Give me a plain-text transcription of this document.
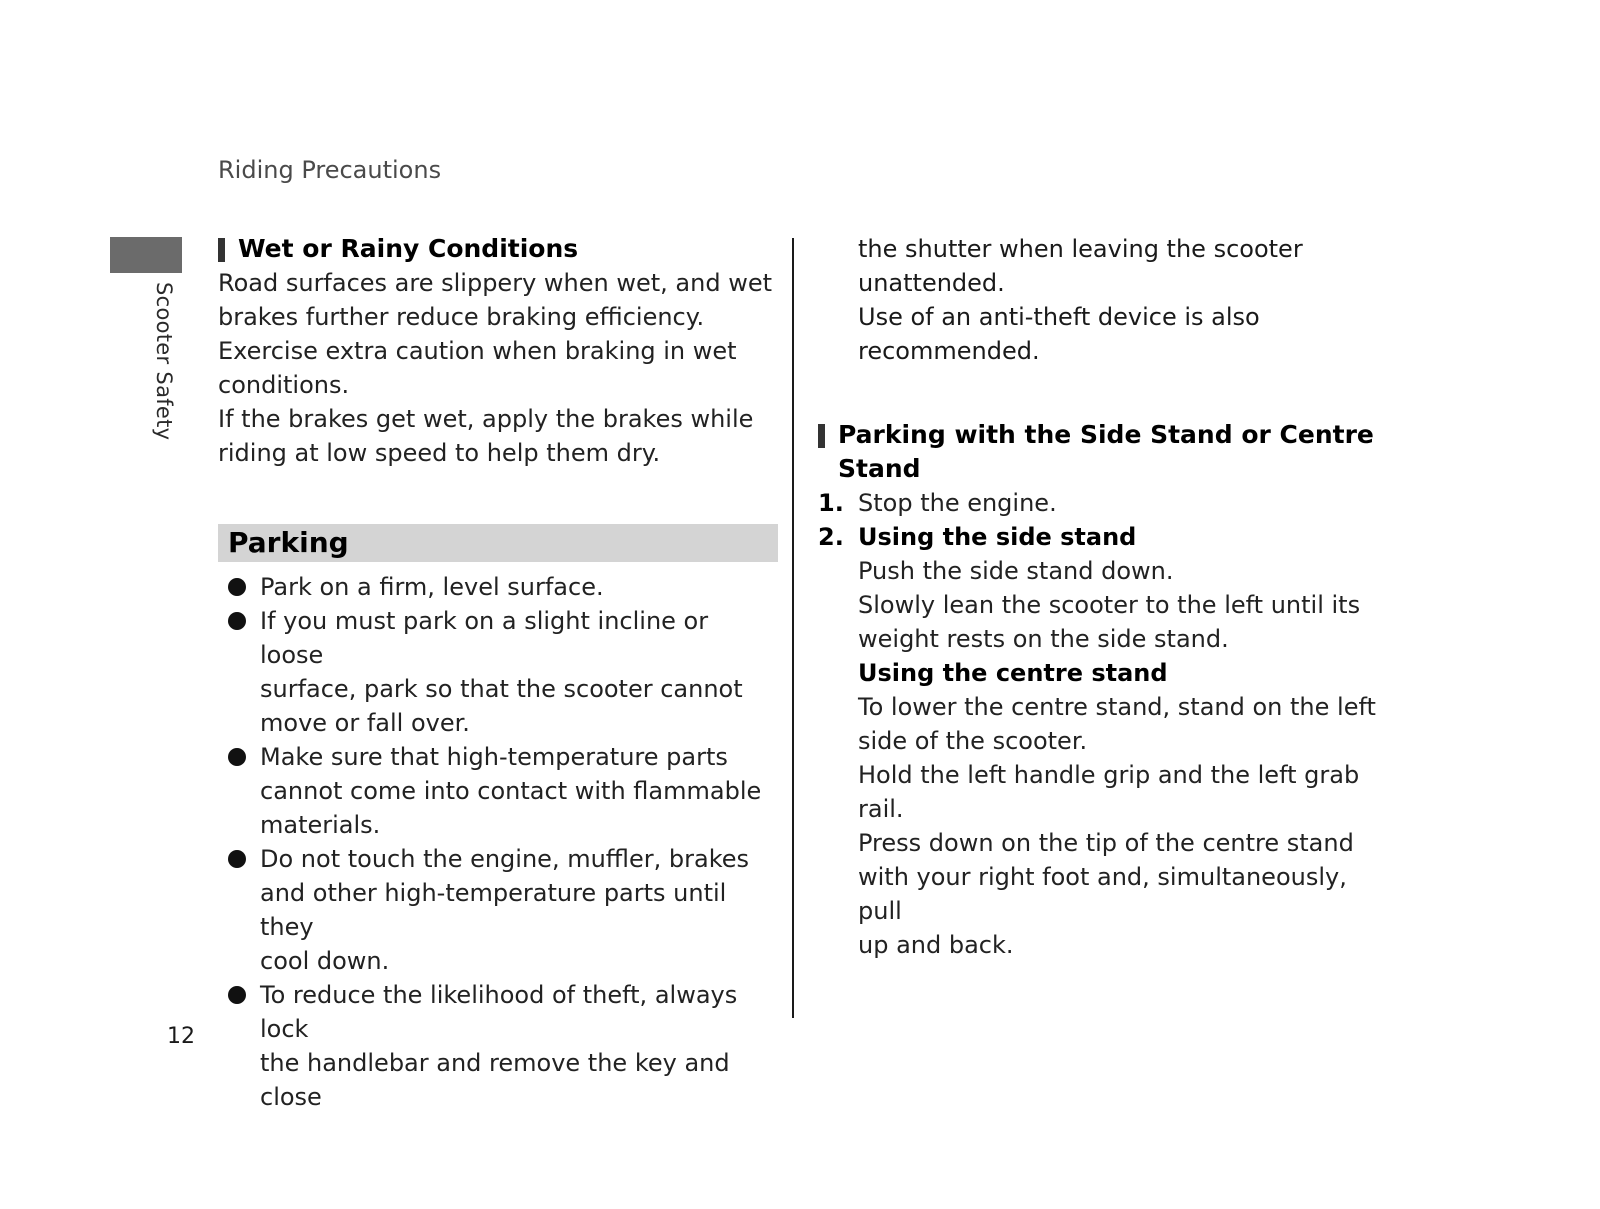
Riding Precautions
Scooter Safety
12
Wet or Rainy Conditions

Road surfaces are slippery when wet, and wet

brakes further reduce braking efficiency.

Exercise extra caution when braking in wet

conditions.

If the brakes get wet, apply the brakes while

riding at low speed to help them dry.

Parking
Park on a firm, level surface.
If you must park on a slight incline or loose
surface, park so that the scooter cannot
move or fall over.
Make sure that high-temperature parts
cannot come into contact with flammable
materials.
Do not touch the engine, muffler, brakes
and other high-temperature parts until they
cool down.
To reduce the likelihood of theft, always lock
the handlebar and remove the key and close
the shutter when leaving the scooter
unattended.
Use of an anti-theft device is also
recommended.
Parking with the Side Stand or Centre
Stand
1. Stop the engine.
2. Using the side stand
Push the side stand down.
Slowly lean the scooter to the left until its
weight rests on the side stand.
Using the centre stand
To lower the centre stand, stand on the left
side of the scooter.
Hold the left handle grip and the left grab
rail.
Press down on the tip of the centre stand
with your right foot and, simultaneously, pull
up and back.
